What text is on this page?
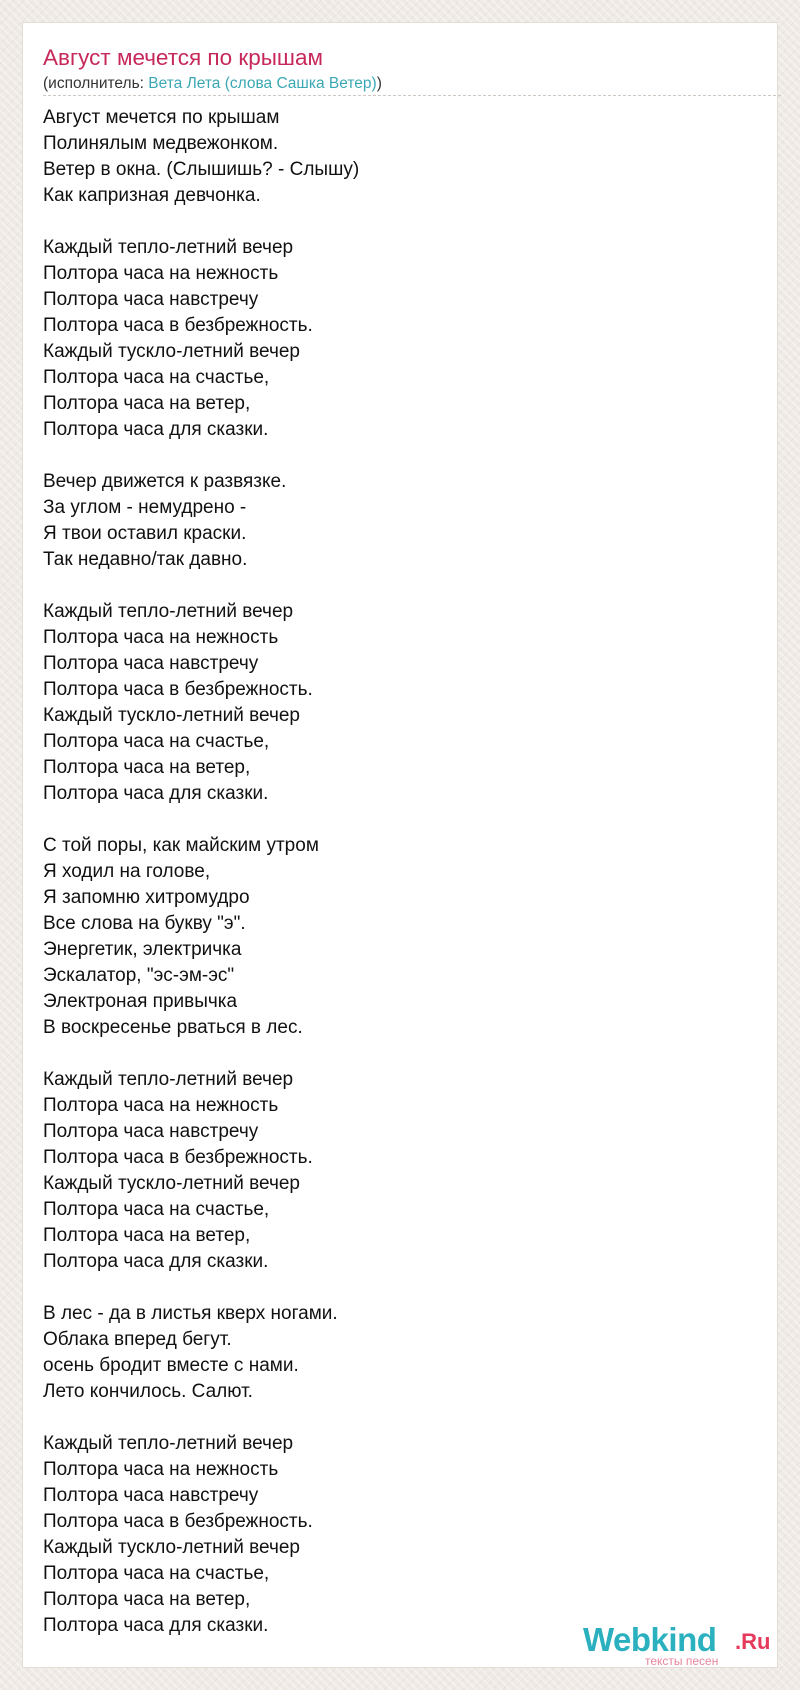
Август мечется по крышам
(исполнитель: Вета Лета (слова Сашка Ветер))
Август мечется по крышам
Полинялым медвежонком.
Ветер в окна. (Слышишь? - Слышу)
Как капризная девчонка.
Каждый тепло-летний вечер
Полтора часа на нежность
Полтора часа навстречу
Полтора часа в безбрежность.
Каждый тускло-летний вечер
Полтора часа на счастье,
Полтора часа на ветер,
Полтора часа для сказки.
Вечер движется к развязке.
За углом - немудрено -
Я твои оставил краски.
Так недавно/так давно.
Каждый тепло-летний вечер
Полтора часа на нежность
Полтора часа навстречу
Полтора часа в безбрежность.
Каждый тускло-летний вечер
Полтора часа на счастье,
Полтора часа на ветер,
Полтора часа для сказки.
С той поры, как майским утром
Я ходил на голове,
Я запомню хитромудро
Все слова на букву "э".
Энергетик, электричка
Эскалатор, "эс-эм-эс"
Электроная привычка
В воскресенье рваться в лес.
Каждый тепло-летний вечер
Полтора часа на нежность
Полтора часа навстречу
Полтора часа в безбрежность.
Каждый тускло-летний вечер
Полтора часа на счастье,
Полтора часа на ветер,
Полтора часа для сказки.
В лес - да в листья кверх ногами.
Облака вперед бегут.
осень бродит вместе с нами.
Лето кончилось. Салют.
Каждый тепло-летний вечер
Полтора часа на нежность
Полтора часа навстречу
Полтора часа в безбрежность.
Каждый тускло-летний вечер
Полтора часа на счастье,
Полтора часа на ветер,
Полтора часа для сказки.	Webkind .Ru
тексты песен
